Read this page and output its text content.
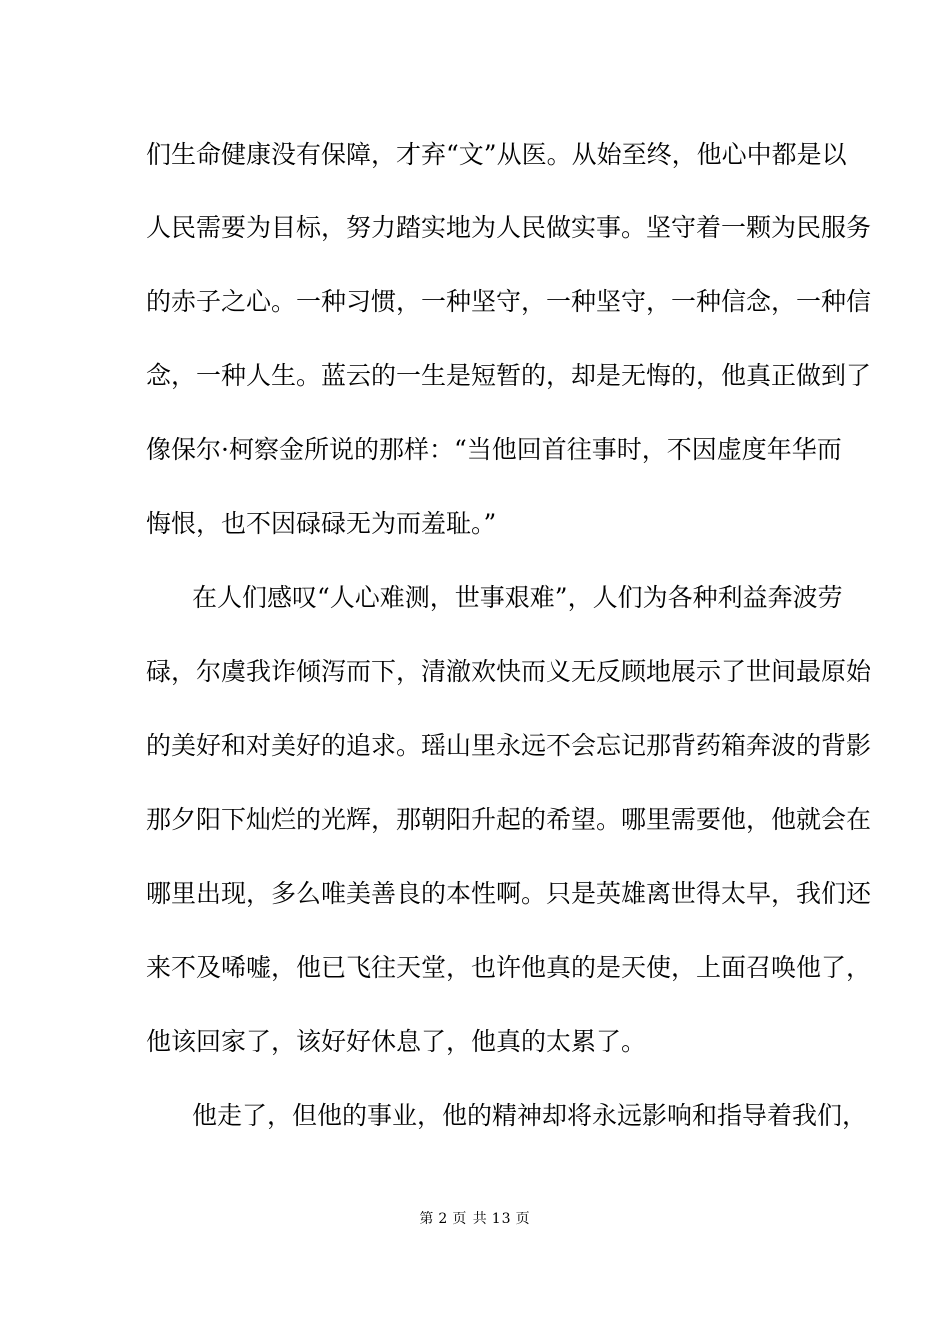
们生命健康没有保障，才弃“文”从医。从始至终，他心中都是以
人民需要为目标，努力踏实地为人民做实事。坚守着一颗为民服务
的赤子之心。一种习惯，一种坚守，一种坚守，一种信念，一种信
念，一种人生。蓝云的一生是短暂的，却是无悔的，他真正做到了
像保尔·柯察金所说的那样：“当他回首往事时，不因虚度年华而
悔恨，也不因碌碌无为而羞耻。”
在人们感叹“人心难测，世事艰难”，人们为各种利益奔波劳
碌，尔虞我诈倾泻而下，清澈欢快而义无反顾地展示了世间最原始
的美好和对美好的追求。瑶山里永远不会忘记那背药箱奔波的背影
那夕阳下灿烂的光辉，那朝阳升起的希望。哪里需要他，他就会在
哪里出现，多么唯美善良的本性啊。只是英雄离世得太早，我们还
来不及唏嘘，他已飞往天堂，也许他真的是天使，上面召唤他了，
他该回家了，该好好休息了，他真的太累了。
他走了，但他的事业，他的精神却将永远影响和指导着我们，
第 2 页 共 13 页
